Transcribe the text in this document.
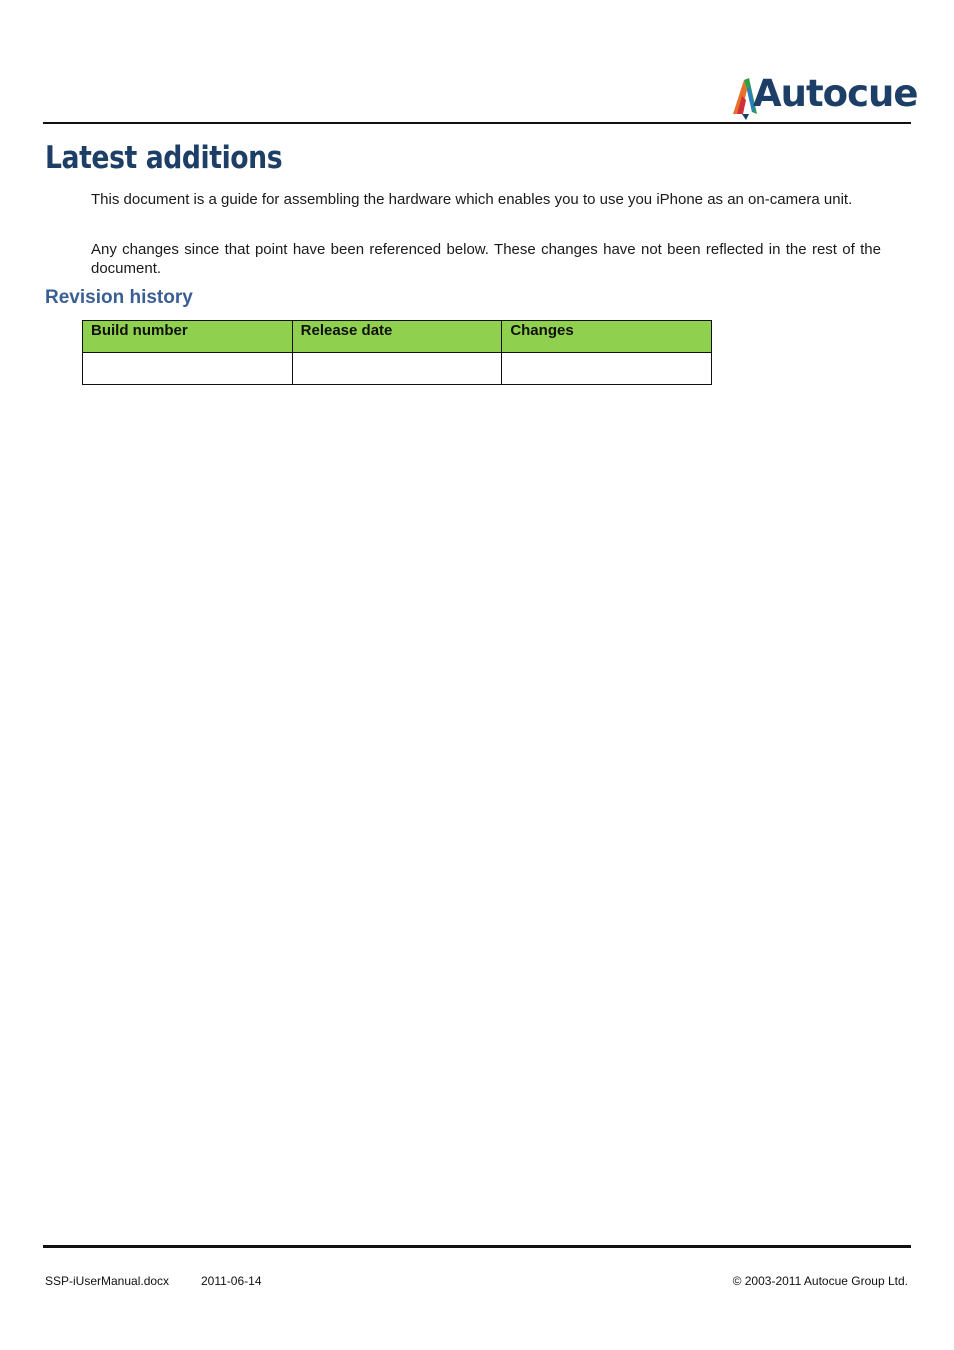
Autocue
Latest additions

This document is a guide for assembling the hardware which enables you to use you iPhone as an on-camera unit.

Any changes since that point have been referenced below. These changes have not been reflected in the rest of the document.

Revision history
Build number	Release date	Changes

SSP-iUserManual.docx	2011-06-14	© 2003-2011 Autocue Group Ltd.
